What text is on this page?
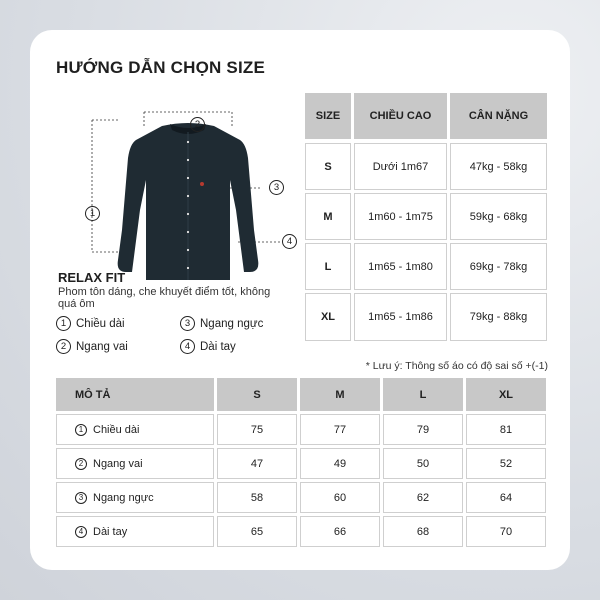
HƯỚNG DẪN CHỌN SIZE
1
2
3
4
RELAX FIT
Phom tôn dáng, che khuyết điểm tốt, không quá ôm
1 Chiều dài	3 Ngang ngực
2 Ngang vai	4 Dài tay
SIZE	CHIỀU CAO	CÂN NẶNG
S	Dưới 1m67	47kg - 58kg
M	1m60 - 1m75	59kg - 68kg
L	1m65 - 1m80	69kg - 78kg
XL	1m65 - 1m86	79kg - 88kg
* Lưu ý: Thông số áo có độ sai số +(-1)
MÔ TẢ	S	M	L	XL
1 Chiều dài	75	77	79	81
2 Ngang vai	47	49	50	52
3 Ngang ngực	58	60	62	64
4 Dài tay	65	66	68	70
